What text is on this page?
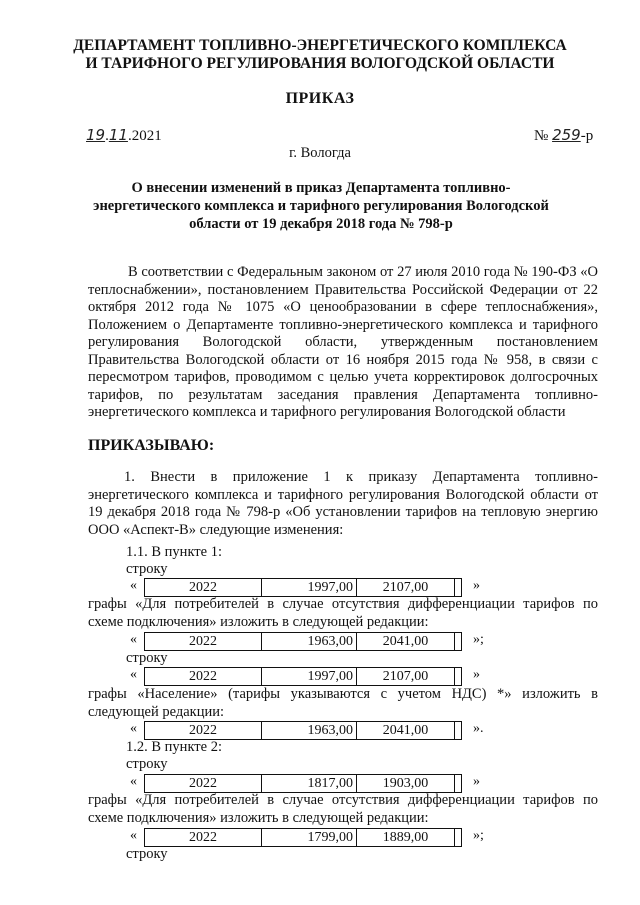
ДЕПАРТАМЕНТ ТОПЛИВНО-ЭНЕРГЕТИЧЕСКОГО КОМПЛЕКСА
И ТАРИФНОГО РЕГУЛИРОВАНИЯ ВОЛОГОДСКОЙ ОБЛАСТИ
ПРИКАЗ
19.11.2021	№ 259-р
г. Вологда
О внесении изменений в приказ Департамента топливно-энергетического комплекса и тарифного регулирования Вологодской области от 19 декабря 2018 года № 798-р
В соответствии с Федеральным законом от 27 июля 2010 года № 190-ФЗ «О теплоснабжении», постановлением Правительства Российской Федерации от 22 октября 2012 года № 1075 «О ценообразовании в сфере теплоснабжения», Положением о Департаменте топливно-энергетического комплекса и тарифного регулирования Вологодской области, утвержденным постановлением Правительства Вологодской области от 16 ноября 2015 года № 958, в связи с пересмотром тарифов, проводимом с целью учета корректировок долгосрочных тарифов, по результатам заседания правления Департамента топливно-энергетического комплекса и тарифного регулирования Вологодской области
ПРИКАЗЫВАЮ:
1. Внести в приложение 1 к приказу Департамента топливно-энергетического комплекса и тарифного регулирования Вологодской области от 19 декабря 2018 года № 798-р «Об установлении тарифов на тепловую энергию ООО «Аспект-В» следующие изменения:
1.1. В пункте 1:
строку
«	2022	1997,00	2107,00	»
графы «Для потребителей в случае отсутствия дифференциации тарифов по схеме подключения» изложить в следующей редакции:
«	2022	1963,00	2041,00	»;
строку
«	2022	1997,00	2107,00	»
графы «Население» (тарифы указываются с учетом НДС) *» изложить в следующей редакции:
«	2022	1963,00	2041,00	».
1.2. В пункте 2:
строку
«	2022	1817,00	1903,00	»
графы «Для потребителей в случае отсутствия дифференциации тарифов по схеме подключения» изложить в следующей редакции:
«	2022	1799,00	1889,00	»;
строку
